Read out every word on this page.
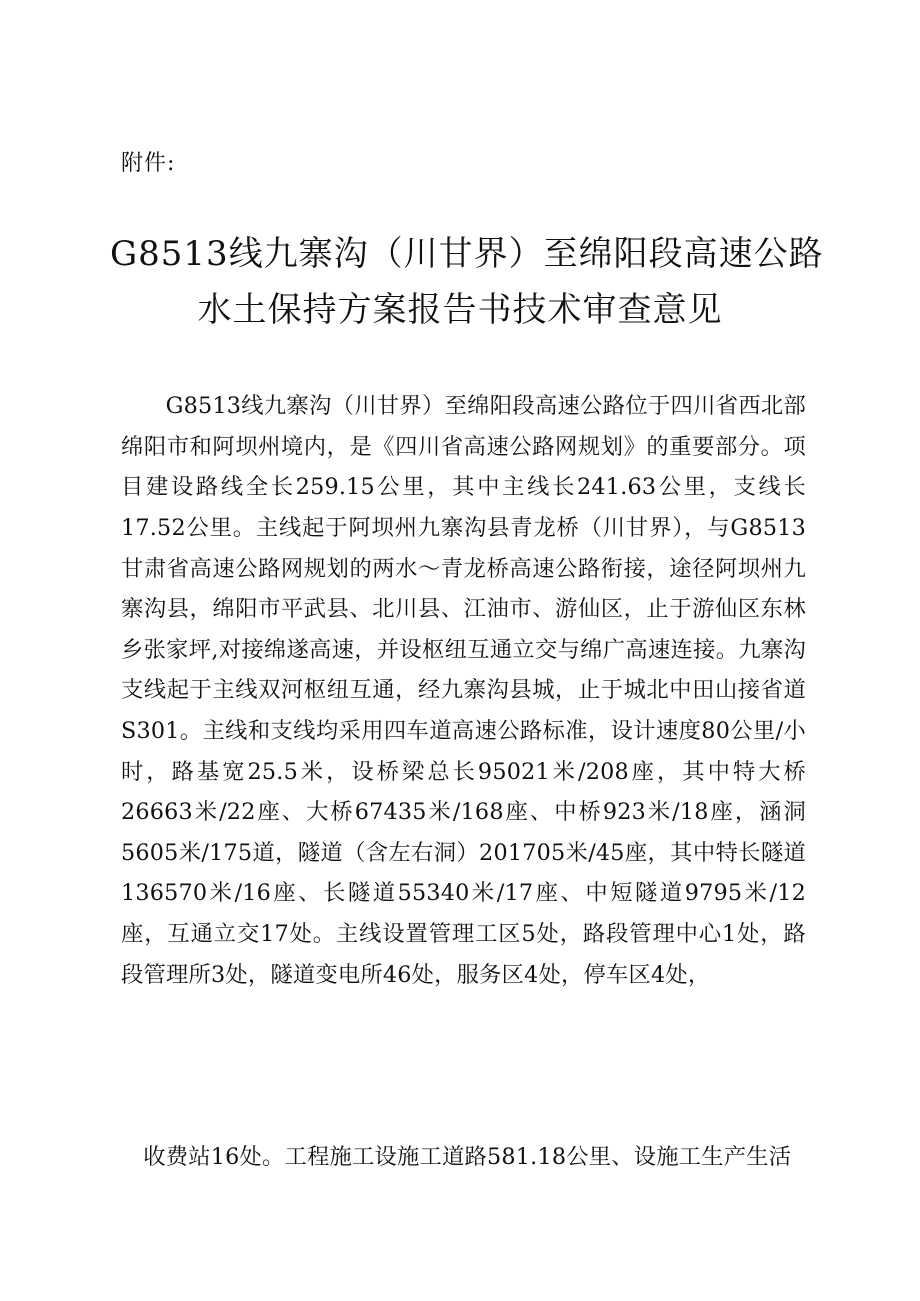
附件:
G8513线九寨沟（川甘界）至绵阳段高速公路
水土保持方案报告书技术审查意见

G8513线九寨沟（川甘界）至绵阳段高速公路位于四川省西北部绵阳市和阿坝州境内，是《四川省高速公路网规划》的重要部分。项目建设路线全长259.15公里，其中主线长241.63公里，支线长17.52公里。主线起于阿坝州九寨沟县青龙桥（川甘界），与G8513甘肃省高速公路网规划的两水～青龙桥高速公路衔接，途径阿坝州九寨沟县，绵阳市平武县、北川县、江油市、游仙区，止于游仙区东林乡张家坪,对接绵遂高速，并设枢纽互通立交与绵广高速连接。九寨沟支线起于主线双河枢纽互通，经九寨沟县城，止于城北中田山接省道S301。主线和支线均采用四车道高速公路标准，设计速度80公里/小时，路基宽25.5米，设桥梁总长95021米/208座，其中特大桥26663米/22座、大桥67435米/168座、中桥923米/18座，涵洞5605米/175道，隧道（含左右洞）201705米/45座，其中特长隧道136570米/16座、长隧道55340米/17座、中短隧道9795米/12座，互通立交17处。主线设置管理工区5处，路段管理中心1处，路段管理所3处，隧道变电所46处，服务区4处，停车区4处，

收费站16处。工程施工设施工道路581.18公里、设施工生产生活
